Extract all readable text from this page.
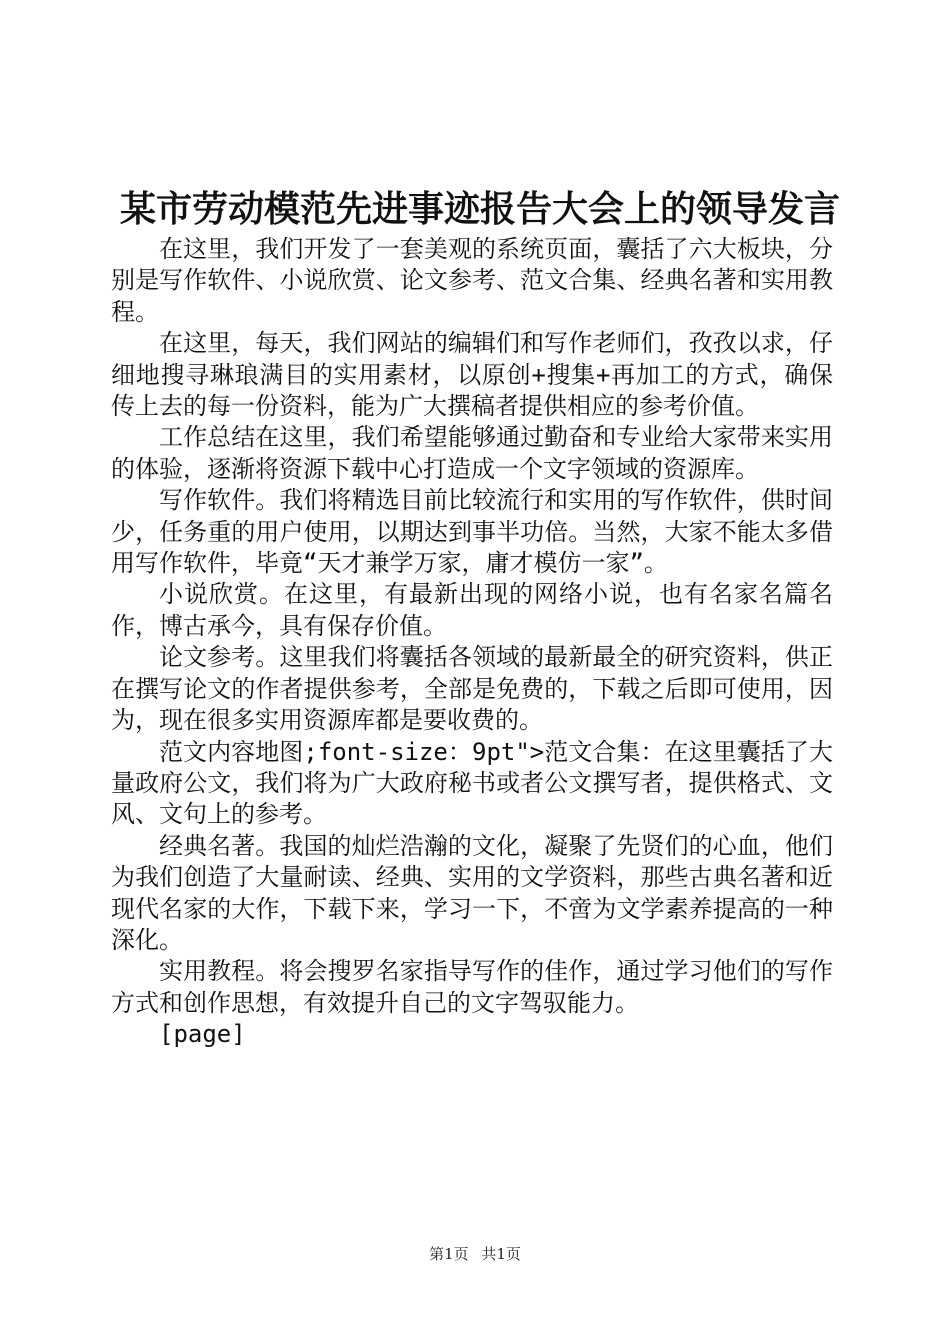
某市劳动模范先进事迹报告大会上的领导发言

在这里，我们开发了一套美观的系统页面，囊括了六大板块，分别是写作软件、小说欣赏、论文参考、范文合集、经典名著和实用教程。

在这里，每天，我们网站的编辑们和写作老师们，孜孜以求，仔细地搜寻琳琅满目的实用素材，以原创+搜集+再加工的方式，确保传上去的每一份资料，能为广大撰稿者提供相应的参考价值。

工作总结在这里，我们希望能够通过勤奋和专业给大家带来实用的体验，逐渐将资源下载中心打造成一个文字领域的资源库。

写作软件。我们将精选目前比较流行和实用的写作软件，供时间少，任务重的用户使用，以期达到事半功倍。当然，大家不能太多借用写作软件，毕竟“天才兼学万家，庸才模仿一家”。

小说欣赏。在这里，有最新出现的网络小说，也有名家名篇名作，博古承今，具有保存价值。

论文参考。这里我们将囊括各领域的最新最全的研究资料，供正在撰写论文的作者提供参考，全部是免费的，下载之后即可使用，因为，现在很多实用资源库都是要收费的。

范文内容地图;font-size：9pt">范文合集：在这里囊括了大量政府公文，我们将为广大政府秘书或者公文撰写者，提供格式、文风、文句上的参考。

经典名著。我国的灿烂浩瀚的文化，凝聚了先贤们的心血，他们为我们创造了大量耐读、经典、实用的文学资料，那些古典名著和近现代名家的大作，下载下来，学习一下，不啻为文学素养提高的一种深化。

实用教程。将会搜罗名家指导写作的佳作，通过学习他们的写作方式和创作思想，有效提升自己的文字驾驭能力。

[page]

第1页 共1页
